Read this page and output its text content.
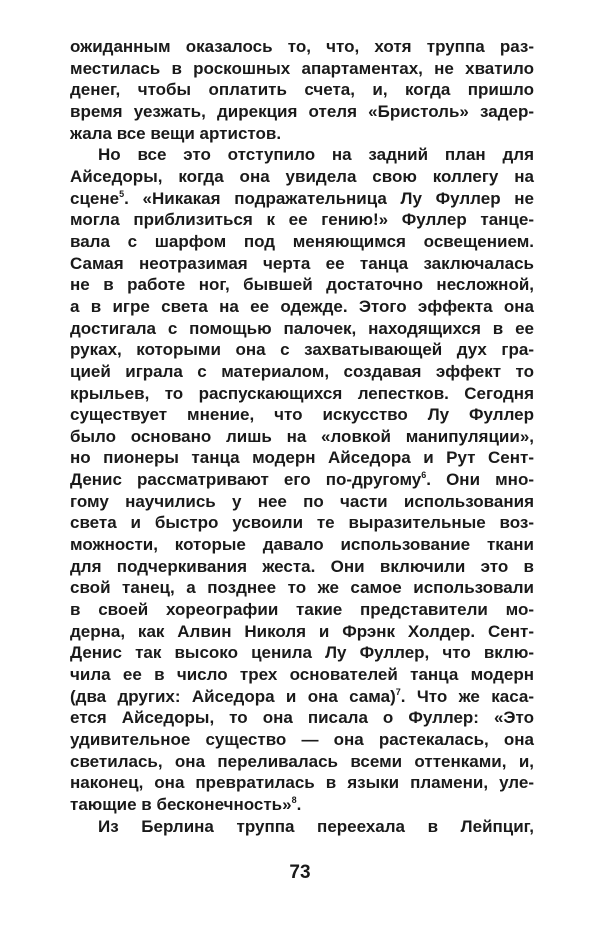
ожиданным оказалось то, что, хотя труппа раз-
местилась в роскошных апартаментах, не хватило
денег, чтобы оплатить счета, и, когда пришло
время уезжать, дирекция отеля «Бристоль» задер-
жала все вещи артистов.
Но все это отступило на задний план для
Айседоры, когда она увидела свою коллегу на
сцене$^5$. «Никакая подражательница Лу Фуллер не
могла приблизиться к ее гению!» Фуллер танце-
вала с шарфом под меняющимся освещением.
Самая неотразимая черта ее танца заключалась
не в работе ног, бывшей достаточно несложной,
а в игре света на ее одежде. Этого эффекта она
достигала с помощью палочек, находящихся в ее
руках, которыми она с захватывающей дух гра-
цией играла с материалом, создавая эффект то
крыльев, то распускающихся лепестков. Сегодня
существует мнение, что искусство Лу Фуллер
было основано лишь на «ловкой манипуляции»,
но пионеры танца модерн Айседора и Рут Сент-
Денис рассматривают его по-другому$^6$. Они мно-
гому научились у нее по части использования
света и быстро усвоили те выразительные воз-
можности, которые давало использование ткани
для подчеркивания жеста. Они включили это в
свой танец, а позднее то же самое использовали
в своей хореографии такие представители мо-
дерна, как Алвин Николя и Фрэнк Холдер. Сент-
Денис так высоко ценила Лу Фуллер, что вклю-
чила ее в число трех основателей танца модерн
(два других: Айседора и она сама)$^7$. Что же каса-
ется Айседоры, то она писала о Фуллер: «Это
удивительное существо — она растекалась, она
светилась, она переливалась всеми оттенками, и,
наконец, она превратилась в языки пламени, уле-
тающие в бесконечность»$^8$.
Из Берлина труппа переехала в Лейпциг,
73
